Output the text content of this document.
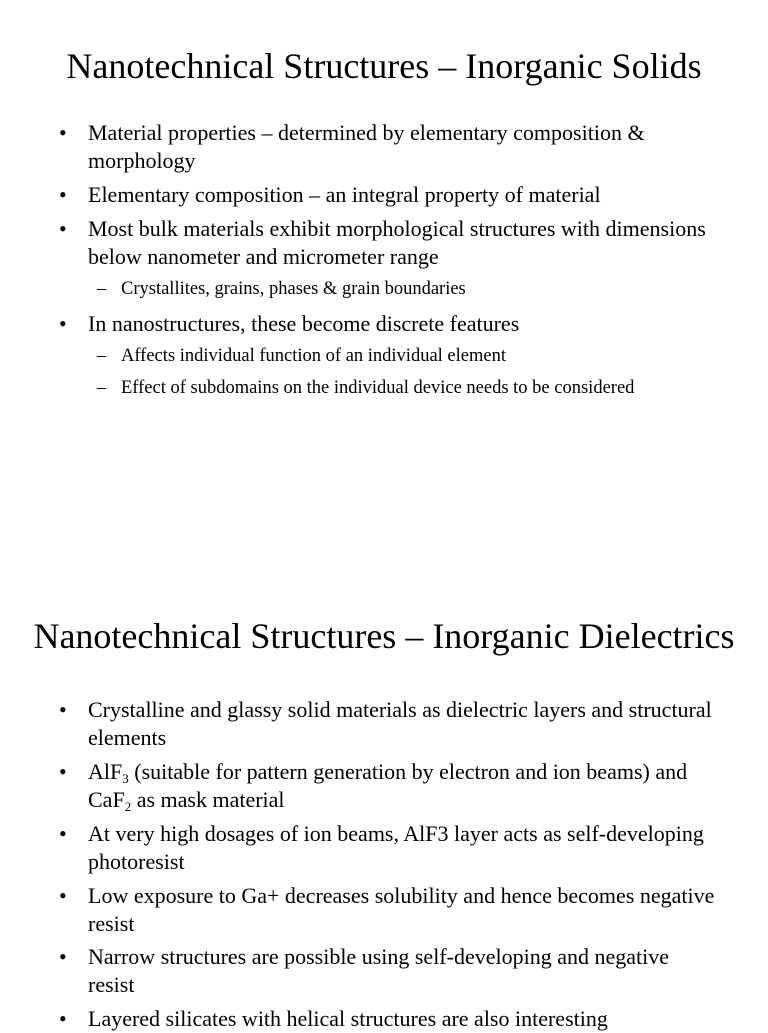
Nanotechnical Structures – Inorganic Solids
• Material properties – determined by elementary composition & morphology
• Elementary composition – an integral property of material
• Most bulk materials exhibit morphological structures with dimensions below nanometer and micrometer range
– Crystallites, grains, phases & grain boundaries
• In nanostructures, these become discrete features
– Affects individual function of an individual element
– Effect of subdomains on the individual device needs to be considered
Nanotechnical Structures – Inorganic Dielectrics
• Crystalline and glassy solid materials as dielectric layers and structural elements
• AlF$_3$ (suitable for pattern generation by electron and ion beams) and CaF$_2$ as mask material
• At very high dosages of ion beams, AlF3 layer acts as self-developing photoresist
• Low exposure to Ga+ decreases solubility and hence becomes negative resist
• Narrow structures are possible using self-developing and negative resist
• Layered silicates with helical structures are also interesting
